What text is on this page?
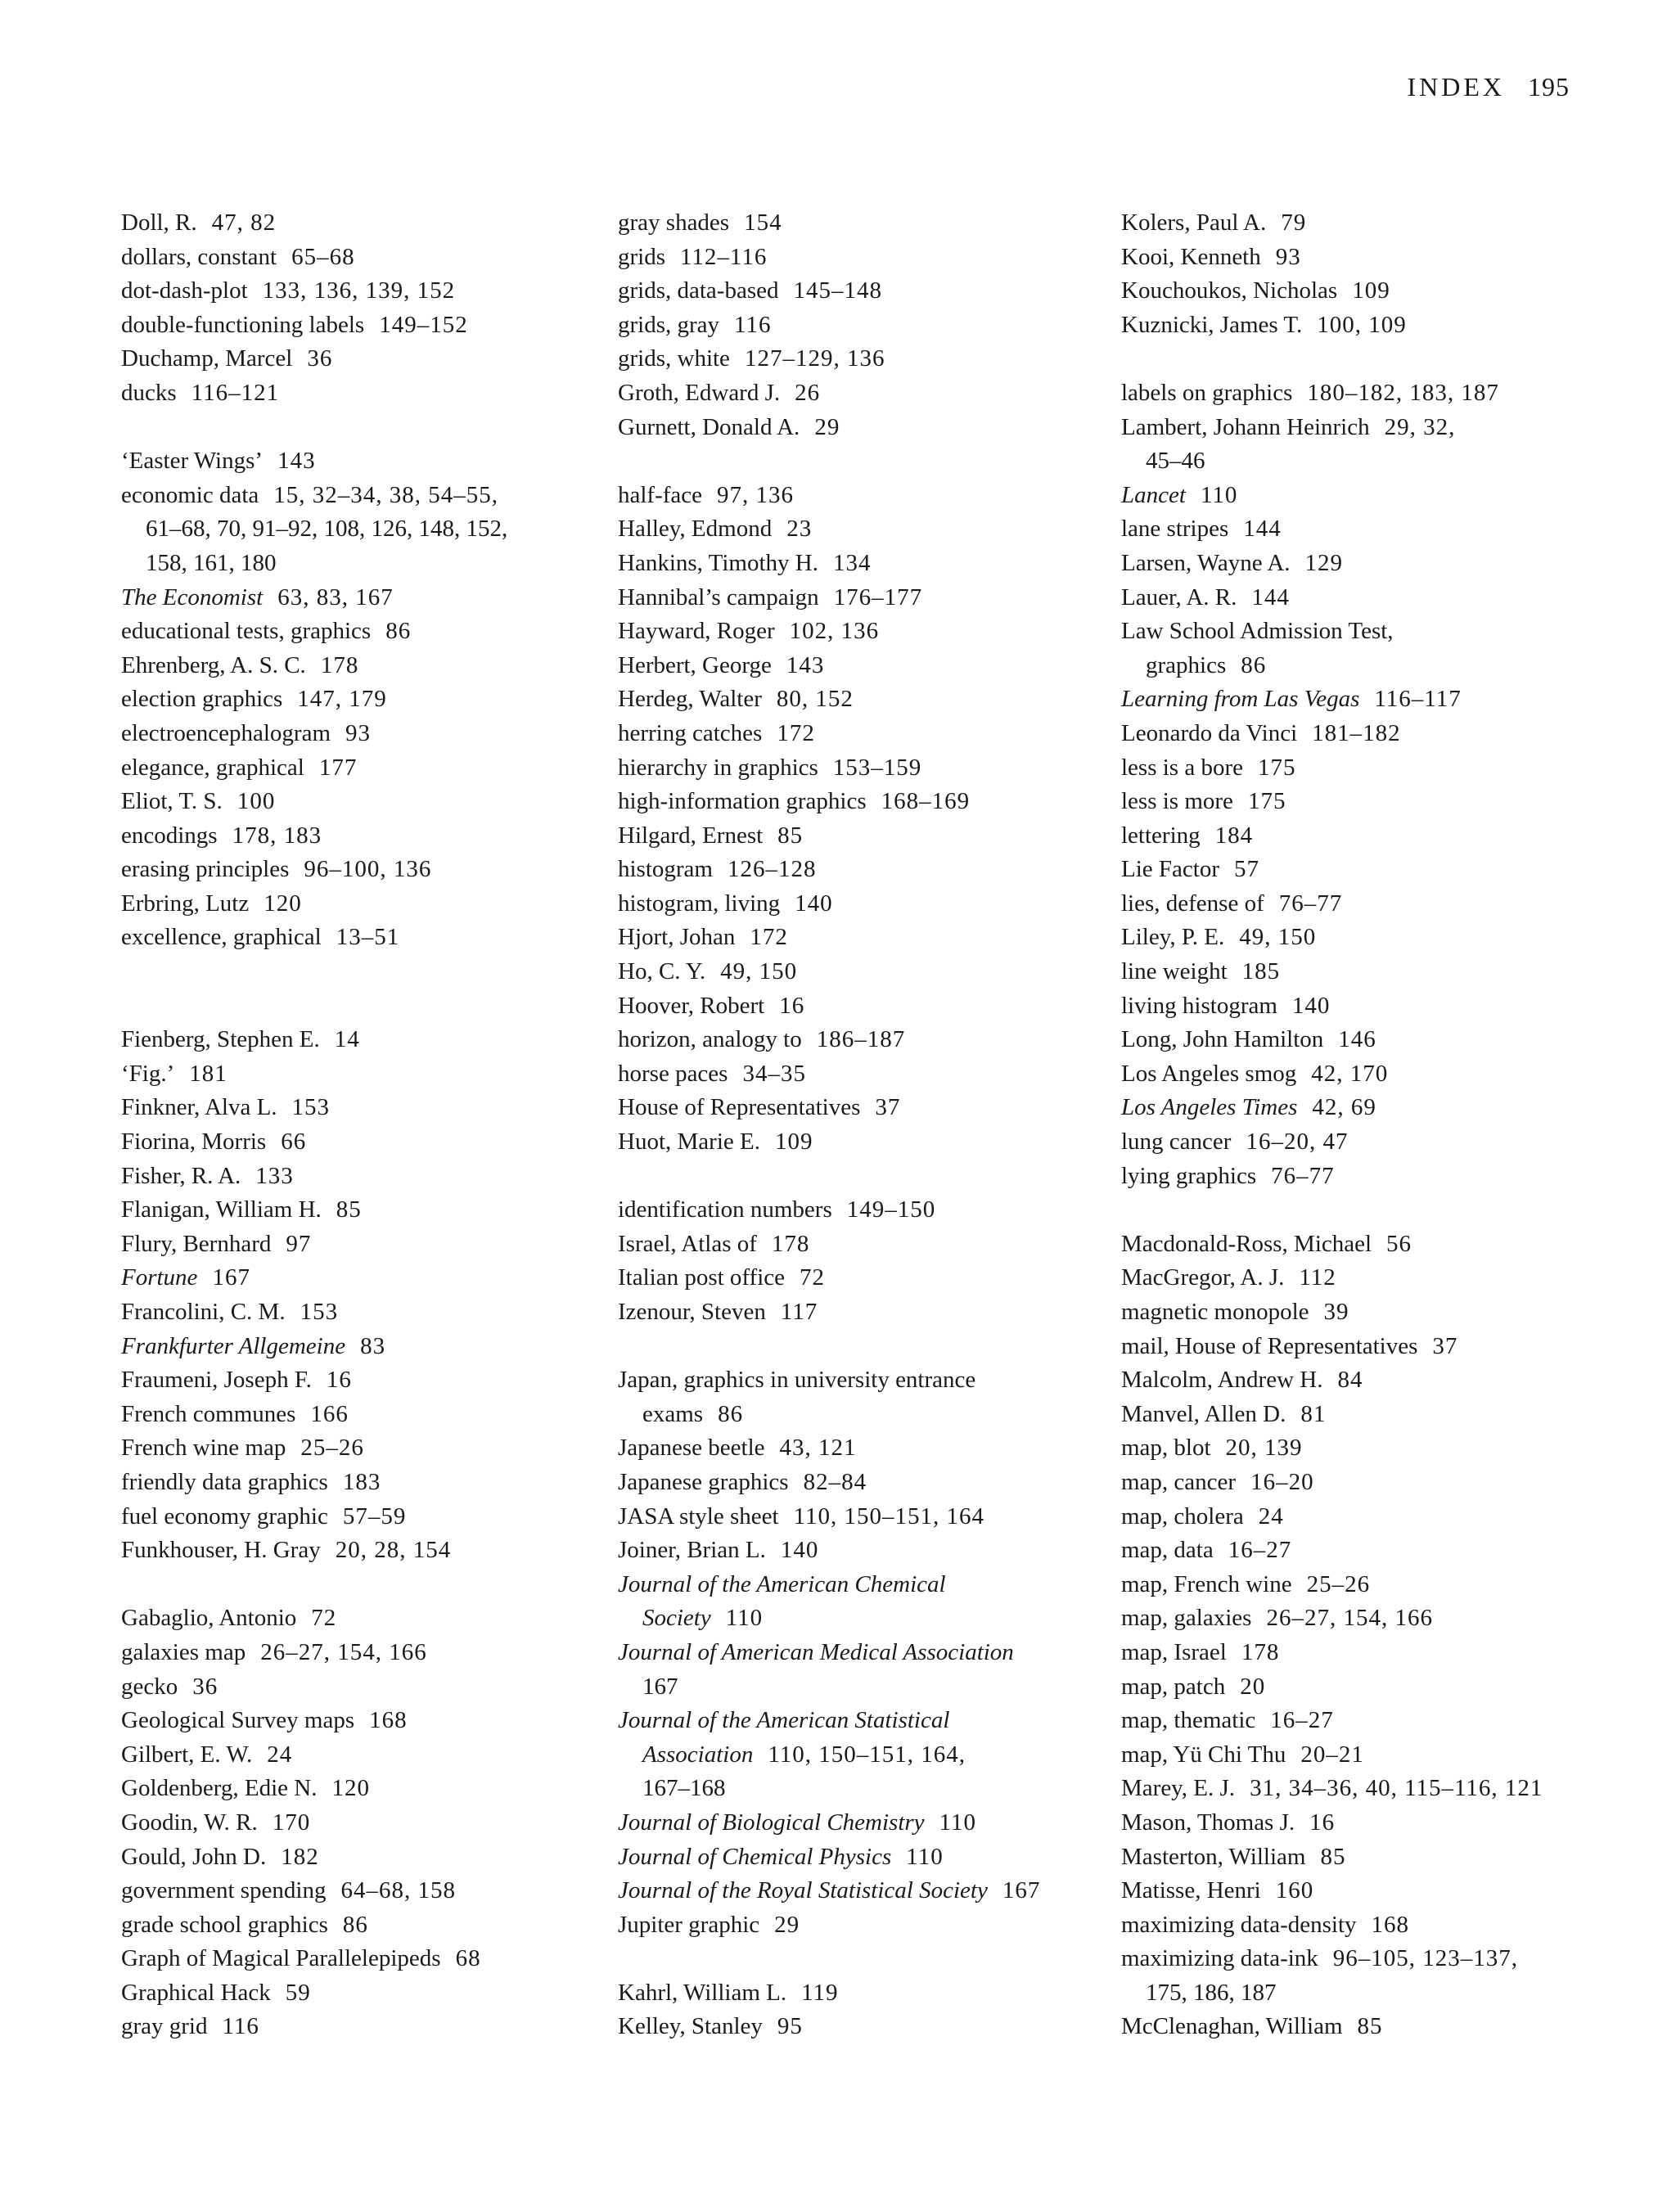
INDEX 195
Doll, R. 47, 82
dollars, constant 65–68
dot-dash-plot 133, 136, 139, 152
double-functioning labels 149–152
Duchamp, Marcel 36
ducks 116–121
‘Easter Wings’ 143
economic data 15, 32–34, 38, 54–55,
61–68, 70, 91–92, 108, 126, 148, 152,
158, 161, 180
The Economist 63, 83, 167
educational tests, graphics 86
Ehrenberg, A. S. C. 178
election graphics 147, 179
electroencephalogram 93
elegance, graphical 177
Eliot, T. S. 100
encodings 178, 183
erasing principles 96–100, 136
Erbring, Lutz 120
excellence, graphical 13–51
Fienberg, Stephen E. 14
‘Fig.’ 181
Finkner, Alva L. 153
Fiorina, Morris 66
Fisher, R. A. 133
Flanigan, William H. 85
Flury, Bernhard 97
Fortune 167
Francolini, C. M. 153
Frankfurter Allgemeine 83
Fraumeni, Joseph F. 16
French communes 166
French wine map 25–26
friendly data graphics 183
fuel economy graphic 57–59
Funkhouser, H. Gray 20, 28, 154
Gabaglio, Antonio 72
galaxies map 26–27, 154, 166
gecko 36
Geological Survey maps 168
Gilbert, E. W. 24
Goldenberg, Edie N. 120
Goodin, W. R. 170
Gould, John D. 182
government spending 64–68, 158
grade school graphics 86
Graph of Magical Parallelepipeds 68
Graphical Hack 59
gray grid 116
gray shades 154
grids 112–116
grids, data-based 145–148
grids, gray 116
grids, white 127–129, 136
Groth, Edward J. 26
Gurnett, Donald A. 29
half-face 97, 136
Halley, Edmond 23
Hankins, Timothy H. 134
Hannibal’s campaign 176–177
Hayward, Roger 102, 136
Herbert, George 143
Herdeg, Walter 80, 152
herring catches 172
hierarchy in graphics 153–159
high-information graphics 168–169
Hilgard, Ernest 85
histogram 126–128
histogram, living 140
Hjort, Johan 172
Ho, C. Y. 49, 150
Hoover, Robert 16
horizon, analogy to 186–187
horse paces 34–35
House of Representatives 37
Huot, Marie E. 109
identification numbers 149–150
Israel, Atlas of 178
Italian post office 72
Izenour, Steven 117
Japan, graphics in university entrance
exams 86
Japanese beetle 43, 121
Japanese graphics 82–84
JASA style sheet 110, 150–151, 164
Joiner, Brian L. 140
Journal of the American Chemical
Society 110
Journal of American Medical Association
167
Journal of the American Statistical
Association 110, 150–151, 164,
167–168
Journal of Biological Chemistry 110
Journal of Chemical Physics 110
Journal of the Royal Statistical Society 167
Jupiter graphic 29
Kahrl, William L. 119
Kelley, Stanley 95
Kolers, Paul A. 79
Kooi, Kenneth 93
Kouchoukos, Nicholas 109
Kuznicki, James T. 100, 109
labels on graphics 180–182, 183, 187
Lambert, Johann Heinrich 29, 32,
45–46
Lancet 110
lane stripes 144
Larsen, Wayne A. 129
Lauer, A. R. 144
Law School Admission Test,
graphics 86
Learning from Las Vegas 116–117
Leonardo da Vinci 181–182
less is a bore 175
less is more 175
lettering 184
Lie Factor 57
lies, defense of 76–77
Liley, P. E. 49, 150
line weight 185
living histogram 140
Long, John Hamilton 146
Los Angeles smog 42, 170
Los Angeles Times 42, 69
lung cancer 16–20, 47
lying graphics 76–77
Macdonald-Ross, Michael 56
MacGregor, A. J. 112
magnetic monopole 39
mail, House of Representatives 37
Malcolm, Andrew H. 84
Manvel, Allen D. 81
map, blot 20, 139
map, cancer 16–20
map, cholera 24
map, data 16–27
map, French wine 25–26
map, galaxies 26–27, 154, 166
map, Israel 178
map, patch 20
map, thematic 16–27
map, Yü Chi Thu 20–21
Marey, E. J. 31, 34–36, 40, 115–116, 121
Mason, Thomas J. 16
Masterton, William 85
Matisse, Henri 160
maximizing data-density 168
maximizing data-ink 96–105, 123–137,
175, 186, 187
McClenaghan, William 85
